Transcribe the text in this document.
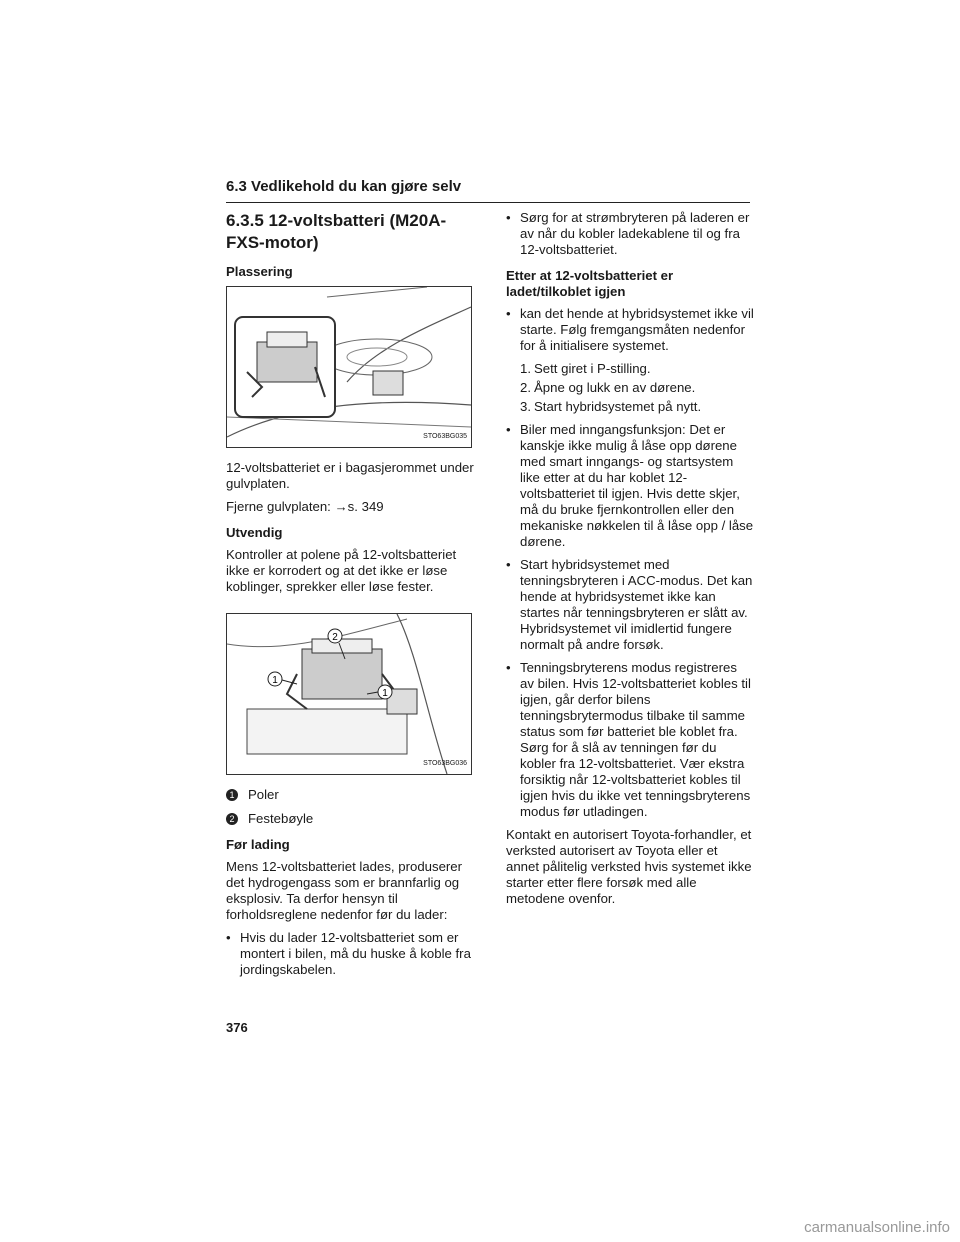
6.3 Vedlikehold du kan gjøre selv
6.3.5 12-voltsbatteri (M20A-FXS-motor)
Plassering
STO63BG035

12-voltsbatteriet er i bagasjerommet under gulvplaten.

Fjerne gulvplaten: →s. 349

Utvendig

Kontroller at polene på 12-voltsbatteriet ikke er korrodert og at det ikke er løse koblinger, sprekker eller løse fester.

2
1
1
STO63BG036
1 Poler
2 Festebøyle
Før lading

Mens 12-voltsbatteriet lades, produserer det hydrogengass som er brannfarlig og eksplosiv. Ta derfor hensyn til forholdsreglene nedenfor før du lader:

• Hvis du lader 12-voltsbatteriet som er montert i bilen, må du huske å koble fra jordingskabelen.
• Sørg for at strømbryteren på laderen er av når du kobler ladekablene til og fra 12-voltsbatteriet.
Etter at 12-voltsbatteriet er ladet/tilkoblet igjen
• kan det hende at hybridsystemet ikke vil starte. Følg fremgangsmåten nedenfor for å initialisere systemet.
1. Sett giret i P-stilling.
2. Åpne og lukk en av dørene.
3. Start hybridsystemet på nytt.
• Biler med inngangsfunksjon: Det er kanskje ikke mulig å låse opp dørene med smart inngangs- og startsystem like etter at du har koblet 12-voltsbatteriet til igjen. Hvis dette skjer, må du bruke fjernkontrollen eller den mekaniske nøkkelen til å låse opp / låse dørene.
• Start hybridsystemet med tenningsbryteren i ACC-modus. Det kan hende at hybridsystemet ikke kan startes når tenningsbryteren er slått av. Hybridsystemet vil imidlertid fungere normalt på andre forsøk.
• Tenningsbryterens modus registreres av bilen. Hvis 12-voltsbatteriet kobles til igjen, går derfor bilens tenningsbrytermodus tilbake til samme status som før batteriet ble koblet fra. Sørg for å slå av tenningen før du kobler fra 12-voltsbatteriet. Vær ekstra forsiktig når 12-voltsbatteriet kobles til igjen hvis du ikke vet tenningsbryterens modus før utladingen.

Kontakt en autorisert Toyota-forhandler, et verksted autorisert av Toyota eller et annet pålitelig verksted hvis systemet ikke starter etter flere forsøk med alle metodene ovenfor.

376
carmanualsonline.info
